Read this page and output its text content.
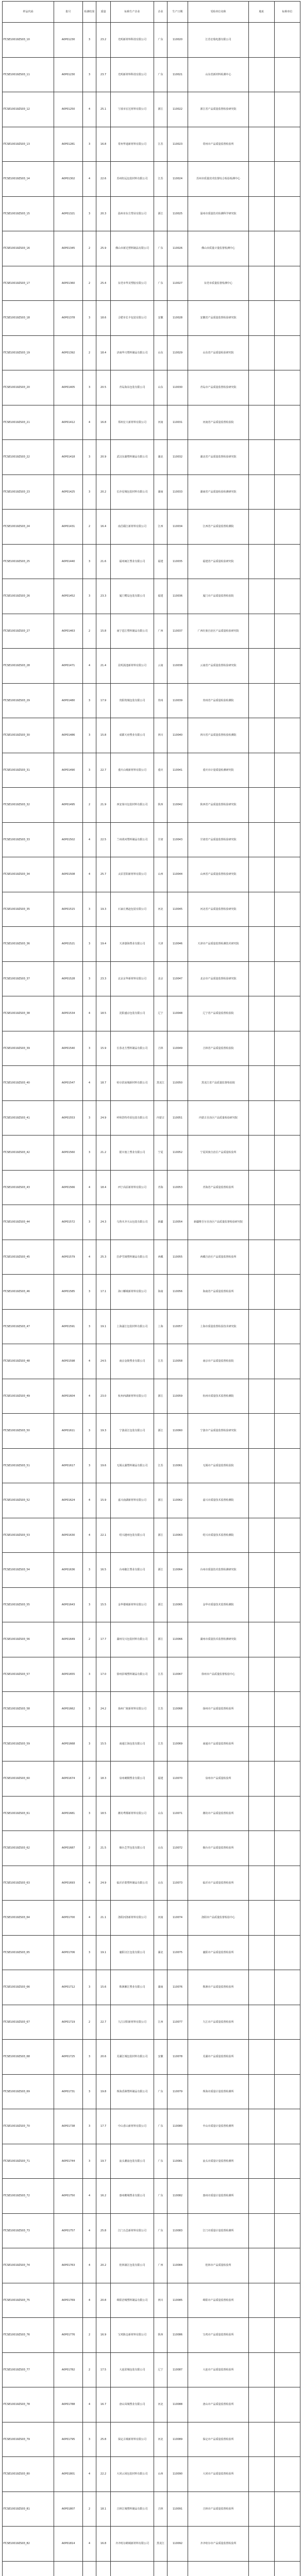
样品代码	批号	检测结果	质量	标称生产企业	企业	生产日期	受检单位名称	地址	标称单位
ITCSE10019ZS03_10	A0P01230	3	23.2	光明新材料科技有限公司	广东	110020	江苏宏瑞电器有限公司		
ITCSE10019ZS03_11	A0P01230	3	23.7	光明新材料科技有限公司	广东	110021	山东省新材料检测中心		
ITCSE10019ZS03_12	A0P01250	4	25.1	宁波市宏达材料有限公司	浙江	110022	浙江省产品质量监督检验研究院		
ITCSE10019ZS03_13	A0P01281	3	16.8	常州华通新材料有限公司	江苏	110023	常州市产品质量监督检验所		
ITCSE10019ZS03_14	A0P01302	4	22.6	苏州恒远包装材料有限公司	江苏	110024	苏州市质量技术监督综合检验检测中心		
ITCSE10019ZS03_15	A0P01321	3	20.3	温州市东方塑业有限公司	浙江	110025	温州市质量技术检测科学研究院		
ITCSE10019ZS03_16	A0P01345	2	25.9	佛山市新达塑料制品有限公司	广东	110026	佛山市质量计量监督检测中心		
ITCSE10019ZS03_17	A0P01360	2	25.4	东莞市华美塑胶有限公司	广东	110027	东莞市质量监督检测中心		
ITCSE10019ZS03_18	A0P01378	3	18.6	合肥市长丰包装有限公司	安徽	110028	安徽省产品质量监督检验研究院		
ITCSE10019ZS03_19	A0P01392	2	18.4	济南华兴塑料制品有限公司	山东	110029	山东省产品质量检验研究院		
ITCSE10019ZS03_20	A0P01405	3	20.5	青岛海东包装有限公司	山东	110030	青岛市产品质量监督检验研究院		
ITCSE10019ZS03_21	A0P01412	4	16.8	郑州宏大新材料有限公司	河南	110031	河南省产品质量监督检验院		
ITCSE10019ZS03_22	A0P01418	3	20.9	武汉东湖塑料制品有限公司	湖北	110032	湖北省产品质量监督检验研究院		
ITCSE10019ZS03_23	A0P01425	3	20.2	长沙星城包装材料有限公司	湖南	110033	湖南省产品质量检验检测研究院		
ITCSE10019ZS03_24	A0P01431	2	16.4	南昌赣江新材料有限公司	江西	110034	江西省产品质量监督检测院		
ITCSE10019ZS03_25	A0P01440	3	21.6	福州闽江塑业有限公司	福建	110035	福建省产品质量检验研究院		
ITCSE10019ZS03_26	A0P01452	3	23.3	厦门鹭岛包装有限公司	福建	110036	厦门市产品质量监督检验院		
ITCSE10019ZS03_27	A0P01463	2	15.8	南宁邕江塑料制品有限公司	广西	110037	广西壮族自治区产品质量检验研究院		
ITCSE10019ZS03_28	A0P01471	4	21.4	昆明滇池新材料有限公司	云南	110038	云南省产品质量监督检验研究院		
ITCSE10019ZS03_29	A0P01480	3	17.9	贵阳筑城包装有限公司	贵州	110039	贵州省产品质量检验检测院		
ITCSE10019ZS03_30	A0P01486	3	15.8	成都天府塑业有限公司	四川	110040	四川省产品质量监督检验检测院		
ITCSE10019ZS03_31	A0P01490	3	22.7	重庆山城新材料有限公司	重庆	110041	重庆市计量质量检测研究院		
ITCSE10019ZS03_32	A0P01495	2	21.9	西安秦川包装材料有限公司	陕西	110042	陕西省产品质量监督检验研究院		
ITCSE10019ZS03_33	A0P01502	4	22.5	兰州黄河塑料制品有限公司	甘肃	110043	甘肃省产品质量监督检验研究院		
ITCSE10019ZS03_34	A0P01508	4	25.7	太原晋阳新材料有限公司	山西	110044	山西省产品质量监督检验研究院		
ITCSE10019ZS03_35	A0P01515	3	19.3	石家庄燕赵包装有限公司	河北	110045	河北省产品质量监督检验研究院		
ITCSE10019ZS03_36	A0P01521	3	19.4	天津渤海塑业有限公司	天津	110046	天津市产品质量监督检测技术研究院		
ITCSE10019ZS03_37	A0P01528	3	23.3	北京京华新材料有限公司	北京	110047	北京市产品质量监督检验研究院		
ITCSE10019ZS03_38	A0P01534	4	18.5	沈阳盛京包装有限公司	辽宁	110048	辽宁省产品质量监督检验院		
ITCSE10019ZS03_39	A0P01540	3	15.9	长春北方塑料制品有限公司	吉林	110049	吉林省产品质量监督检验院		
ITCSE10019ZS03_40	A0P01547	4	18.7	哈尔滨冰城新材料有限公司	黑龙江	110050	黑龙江省产品质量监督检验院		
ITCSE10019ZS03_41	A0P01553	3	24.9	呼和浩特草原包装有限公司	内蒙古	110051	内蒙古自治区产品质量检验研究院		
ITCSE10019ZS03_42	A0P01560	3	21.2	银川塞上塑业有限公司	宁夏	110052	宁夏回族自治区产品质量检验所		
ITCSE10019ZS03_43	A0P01566	4	18.4	西宁高原新材料有限公司	青海	110053	青海省产品质量监督检验所		
ITCSE10019ZS03_44	A0P01572	3	24.3	乌鲁木齐天山包装有限公司	新疆	110054	新疆维吾尔自治区产品质量监督检验研究院		
ITCSE10019ZS03_45	A0P01579	4	25.3	拉萨雪域塑料制品有限公司	西藏	110055	西藏自治区产品质量监督检验所		
ITCSE10019ZS03_46	A0P01585	3	17.1	海口椰城新材料有限公司	海南	110056	海南省产品质量监督检验所		
ITCSE10019ZS03_47	A0P01591	3	19.1	上海浦江包装材料有限公司	上海	110057	上海市质量监督检验技术研究院		
ITCSE10019ZS03_48	A0P01598	4	24.5	南京金陵塑业有限公司	江苏	110058	南京市产品质量监督检验院		
ITCSE10019ZS03_49	A0P01604	4	23.0	杭州西湖新材料有限公司	浙江	110059	杭州市质量技术监督检测院		
ITCSE10019ZS03_50	A0P01611	3	19.3	宁波甬江包装有限公司	浙江	110060	宁波市产品质量监督检验研究院		
ITCSE10019ZS03_51	A0P01617	3	19.6	无锡太湖塑料制品有限公司	江苏	110061	无锡市产品质量监督检验院		
ITCSE10019ZS03_52	A0P01624	4	15.9	嘉兴南湖新材料有限公司	浙江	110062	嘉兴市质量技术监督检测院		
ITCSE10019ZS03_53	A0P01630	4	22.1	绍兴越州包装有限公司	浙江	110063	绍兴市质量技术监督检测院		
ITCSE10019ZS03_54	A0P01636	3	16.5	台州椒江塑业有限公司	浙江	110064	台州市质量技术监督检测研究院		
ITCSE10019ZS03_55	A0P01643	3	15.5	金华婺城新材料有限公司	浙江	110065	金华市质量技术监督检测院		
ITCSE10019ZS03_56	A0P01649	2	17.7	湖州吴兴包装材料有限公司	浙江	110066	湖州市质量技术监督检测研究院		
ITCSE10019ZS03_57	A0P01655	3	17.0	徐州彭城塑料制品有限公司	江苏	110067	徐州市产品质量监督检验中心		
ITCSE10019ZS03_58	A0P01662	3	24.2	扬州广陵新材料有限公司	江苏	110068	扬州市产品质量监督检验所		
ITCSE10019ZS03_59	A0P01668	3	15.5	南通江海包装有限公司	江苏	110069	南通市产品质量监督检验所		
ITCSE10019ZS03_60	A0P01674	2	18.3	泉州刺桐塑业有限公司	福建	110070	泉州市产品质量检验所		
ITCSE10019ZS03_61	A0P01681	3	18.5	潍坊鸢都新材料有限公司	山东	110071	潍坊市产品质量监督检验所		
ITCSE10019ZS03_62	A0P01687	2	21.5	烟台芝罘包装有限公司	山东	110072	烟台市产品质量监督检验所		
ITCSE10019ZS03_63	A0P01693	4	24.9	临沂沂蒙塑料制品有限公司	山东	110073	临沂市产品质量监督检验所		
ITCSE10019ZS03_64	A0P01700	4	21.1	洛阳河洛新材料有限公司	河南	110074	洛阳市产品质量监督检验中心		
ITCSE10019ZS03_65	A0P01706	3	19.1	襄阳汉江包装有限公司	湖北	110075	襄阳市产品质量监督检验所		
ITCSE10019ZS03_66	A0P01712	3	15.6	株洲湘江塑业有限公司	湖南	110076	株洲市产品质量监督检验所		
ITCSE10019ZS03_67	A0P01719	2	22.7	九江浔阳新材料有限公司	江西	110077	九江市产品质量监督检验所		
ITCSE10019ZS03_68	A0P01725	3	20.6	芜湖江城包装材料有限公司	安徽	110078	芜湖市产品质量监督检验所		
ITCSE10019ZS03_69	A0P01731	3	19.8	珠海香洲塑料制品有限公司	广东	110079	珠海市质量计量监督检测所		
ITCSE10019ZS03_70	A0P01738	3	17.7	中山香山新材料有限公司	广东	110080	中山市质量计量监督检测所		
ITCSE10019ZS03_71	A0P01744	3	19.7	汕头潮汕包装有限公司	广东	110081	汕头市质量计量监督检测所		
ITCSE10019ZS03_72	A0P01750	4	16.2	惠州鹅城塑业有限公司	广东	110082	惠州市质量计量监督检测所		
ITCSE10019ZS03_73	A0P01757	4	25.8	江门五邑新材料有限公司	广东	110083	江门市质量计量监督检测所		
ITCSE10019ZS03_74	A0P01763	4	20.2	桂林漓江包装有限公司	广西	110084	桂林市产品质量检验所		
ITCSE10019ZS03_75	A0P01769	4	20.8	绵阳涪城塑料制品有限公司	四川	110085	绵阳市产品质量监督检验所		
ITCSE10019ZS03_76	A0P01776	2	16.9	宝鸡陈仓新材料有限公司	陕西	110086	宝鸡市产品质量监督检验所		
ITCSE10019ZS03_77	A0P01782	2	17.5	大连滨城包装有限公司	辽宁	110087	大连市产品质量监督检验所		
ITCSE10019ZS03_78	A0P01788	4	16.7	唐山凤城塑业有限公司	河北	110088	唐山市产品质量监督检验所		
ITCSE10019ZS03_79	A0P01795	3	25.8	保定古城新材料有限公司	河北	110089	保定市产品质量监督检验所		
ITCSE10019ZS03_80	A0P01801	4	22.2	大同云冈包装材料有限公司	山西	110090	大同市产品质量监督检验所		
ITCSE10019ZS03_81	A0P01807	2	18.1	吉林江城塑料制品有限公司	吉林	110091	吉林市产品质量监督检验所		
ITCSE10019ZS03_82	A0P01814	4	16.8	齐齐哈尔鹤城新材料有限公司	黑龙江	110092	齐齐哈尔市产品质量监督检验所		
